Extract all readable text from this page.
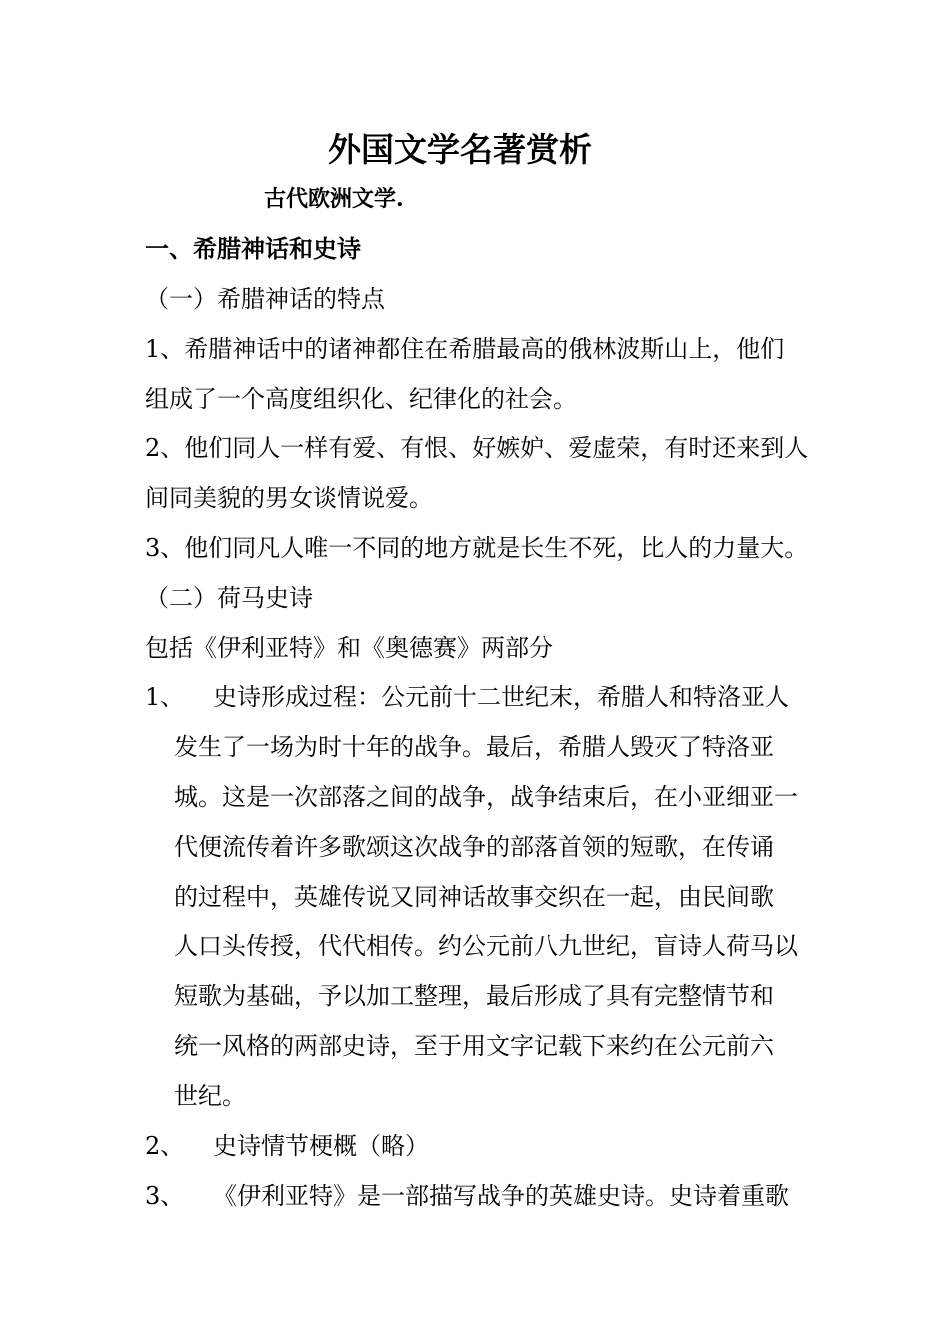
外国文学名著赏析
古代欧洲文学.
一、希腊神话和史诗
（一）希腊神话的特点
1、希腊神话中的诸神都住在希腊最高的俄林波斯山上，他们
组成了一个高度组织化、纪律化的社会。
2、他们同人一样有爱、有恨、好嫉妒、爱虚荣，有时还来到人
间同美貌的男女谈情说爱。
3、他们同凡人唯一不同的地方就是长生不死，比人的力量大。
（二）荷马史诗
包括《伊利亚特》和《奥德赛》两部分
1、 史诗形成过程：公元前十二世纪末，希腊人和特洛亚人
发生了一场为时十年的战争。最后，希腊人毁灭了特洛亚
城。这是一次部落之间的战争，战争结束后，在小亚细亚一
代便流传着许多歌颂这次战争的部落首领的短歌，在传诵
的过程中，英雄传说又同神话故事交织在一起，由民间歌
人口头传授，代代相传。约公元前八九世纪，盲诗人荷马以
短歌为基础，予以加工整理，最后形成了具有完整情节和
统一风格的两部史诗，至于用文字记载下来约在公元前六
世纪。
2、 史诗情节梗概（略）
3、 《伊利亚特》是一部描写战争的英雄史诗。史诗着重歌
